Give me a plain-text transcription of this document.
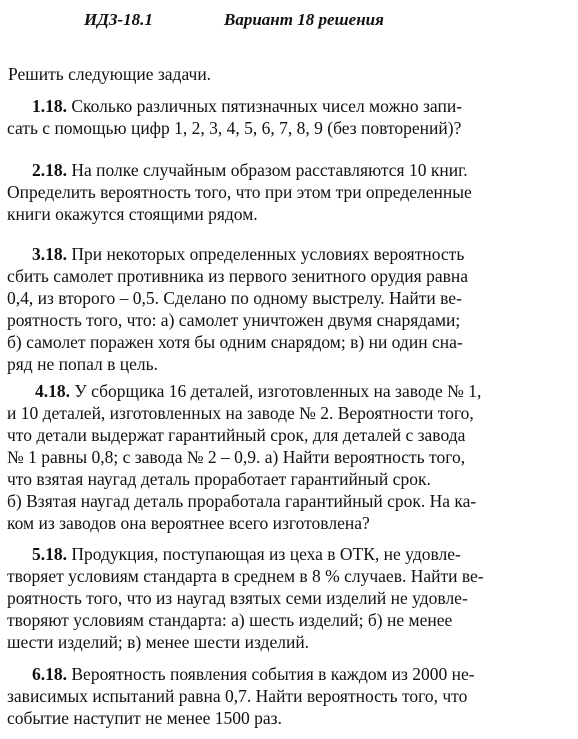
ИДЗ-18.1	Вариант 18 решения
Решить следующие задачи.
1.18. Сколько различных пятизначных чисел можно запи-
сать с помощью цифр 1, 2, 3, 4, 5, 6, 7, 8, 9 (без повторений)?
2.18. На полке случайным образом расставляются 10 книг.
Определить вероятность того, что при этом три определенные
книги окажутся стоящими рядом.
3.18. При некоторых определенных условиях вероятность
сбить самолет противника из первого зенитного орудия равна
0,4, из второго – 0,5. Сделано по одному выстрелу. Найти ве-
роятность того, что: а) самолет уничтожен двумя снарядами;
б) самолет поражен хотя бы одним снарядом; в) ни один сна-
ряд не попал в цель.
4.18. У сборщика 16 деталей, изготовленных на заводе № 1,
и 10 деталей, изготовленных на заводе № 2. Вероятности того,
что детали выдержат гарантийный срок, для деталей с завода
№ 1 равны 0,8; с завода № 2 – 0,9. а) Найти вероятность того,
что взятая наугад деталь проработает гарантийный срок.
б) Взятая наугад деталь проработала гарантийный срок. На ка-
ком из заводов она вероятнее всего изготовлена?
5.18. Продукция, поступающая из цеха в ОТК, не удовле-
творяет условиям стандарта в среднем в 8 % случаев. Найти ве-
роятность того, что из наугад взятых семи изделий не удовле-
творяют условиям стандарта: а) шесть изделий; б) не менее
шести изделий; в) менее шести изделий.
6.18. Вероятность появления события в каждом из 2000 не-
зависимых испытаний равна 0,7. Найти вероятность того, что
событие наступит не менее 1500 раз.
